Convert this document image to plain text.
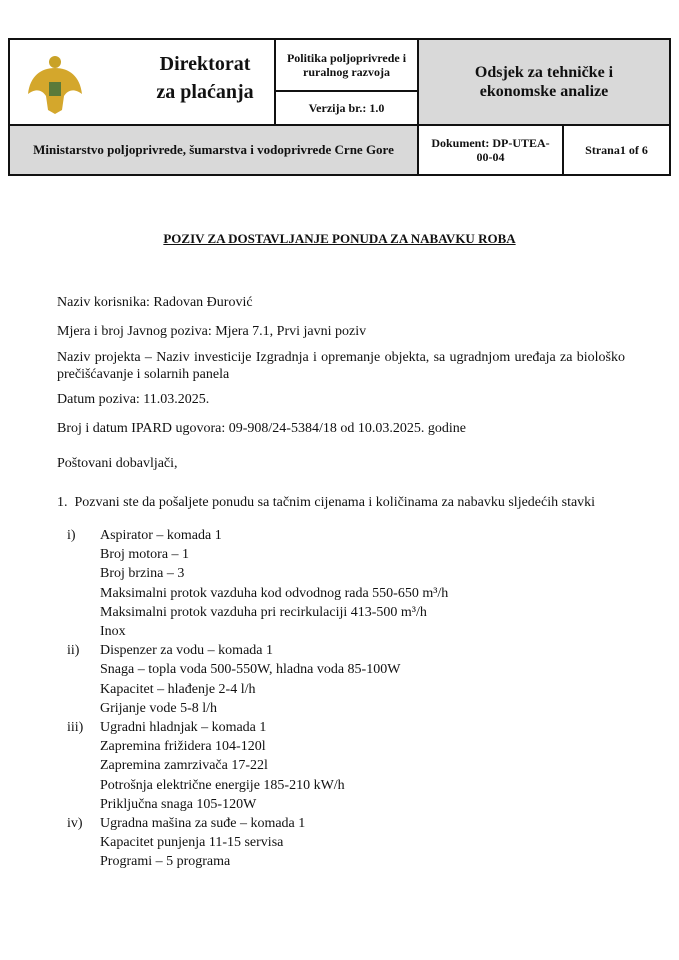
Direktorat
za plaćanja
Politika poljoprivrede i ruralnog razvoja
Verzija br.: 1.0
Odsjek za tehničke i ekonomske analize
Ministarstvo poljoprivrede, šumarstva i vodoprivrede Crne Gore	Dokument: DP-UTEA-00-04
Strana1 of 6
POZIV ZA DOSTAVLJANJE PONUDA ZA NABAVKU ROBA
Naziv korisnika: Radovan Đurović
Mjera i broj Javnog poziva: Mjera 7.1, Prvi javni poziv
Naziv projekta – Naziv investicije Izgradnja i opremanje objekta, sa ugradnjom uređaja za biološko prečišćavanje i solarnih panela
Datum poziva: 11.03.2025.
Broj i datum IPARD ugovora: 09-908/24-5384/18 od 10.03.2025. godine
Poštovani dobavljači,
1.  Pozvani ste da pošaljete ponudu sa tačnim cijenama i količinama za nabavku sljedećih stavki
i) Aspirator – komada 1
Broj motora – 1
Broj brzina – 3
Maksimalni protok vazduha kod odvodnog rada 550-650 m³/h
Maksimalni protok vazduha pri recirkulaciji 413-500 m³/h
Inox
ii) Dispenzer za vodu – komada 1
Snaga – topla voda 500-550W, hladna voda 85-100W
Kapacitet – hlađenje 2-4 l/h
Grijanje vode 5-8 l/h
iii) Ugradni hladnjak – komada 1
Zapremina frižidera 104-120l
Zapremina zamrzivača 17-22l
Potrošnja električne energije 185-210 kW/h
Priključna snaga 105-120W
iv) Ugradna mašina za suđe – komada 1
Kapacitet punjenja 11-15 servisa
Programi – 5 programa
